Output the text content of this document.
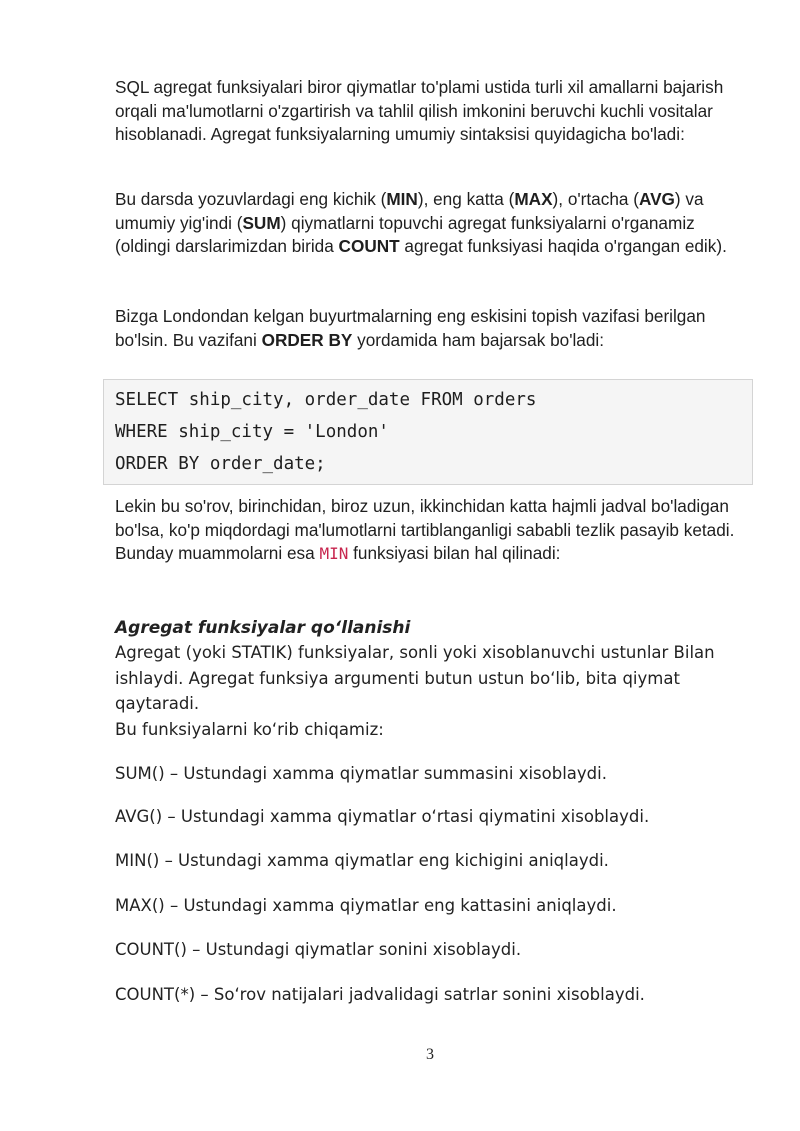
SQL agregat funksiyalari biror qiymatlar to'plami ustida turli xil amallarni bajarish orqali ma'lumotlarni o'zgartirish va tahlil qilish imkonini beruvchi kuchli vositalar hisoblanadi. Agregat funksiyalarning umumiy sintaksisi quyidagicha bo'ladi:

Bu darsda yozuvlardagi eng kichik (MIN), eng katta (MAX), o'rtacha (AVG) va umumiy yig'indi (SUM) qiymatlarni topuvchi agregat funksiyalarni o'rganamiz (oldingi darslarimizdan birida COUNT agregat funksiyasi haqida o'rgangan edik).

Bizga Londondan kelgan buyurtmalarning eng eskisini topish vazifasi berilgan bo'lsin. Bu vazifani ORDER BY yordamida ham bajarsak bo'ladi:

SELECT ship_city, order_date FROM orders
WHERE ship_city = 'London'
ORDER BY order_date;

Lekin bu so'rov, birinchidan, biroz uzun, ikkinchidan katta hajmli jadval bo'ladigan bo'lsa, ko'p miqdordagi ma'lumotlarni tartiblanganligi sababli tezlik pasayib ketadi. Bunday muammolarni esa MIN funksiyasi bilan hal qilinadi:

Agregat funksiyalar qo‘llanishi
Agregat (yoki STATIK) funksiyalar, sonli yoki xisoblanuvchi ustunlar Bilan ishlaydi. Agregat funksiya argumenti butun ustun bo‘lib, bita qiymat qaytaradi.
Bu funksiyalarni ko‘rib chiqamiz:
SUM() – Ustundagi xamma qiymatlar summasini xisoblaydi.
AVG() – Ustundagi xamma qiymatlar o‘rtasi qiymatini xisoblaydi.
MIN() – Ustundagi xamma qiymatlar eng kichigini aniqlaydi.
MAX() – Ustundagi xamma qiymatlar eng kattasini aniqlaydi.
COUNT() – Ustundagi qiymatlar sonini xisoblaydi.
COUNT(*) – So‘rov natijalari jadvalidagi satrlar sonini xisoblaydi.
3
